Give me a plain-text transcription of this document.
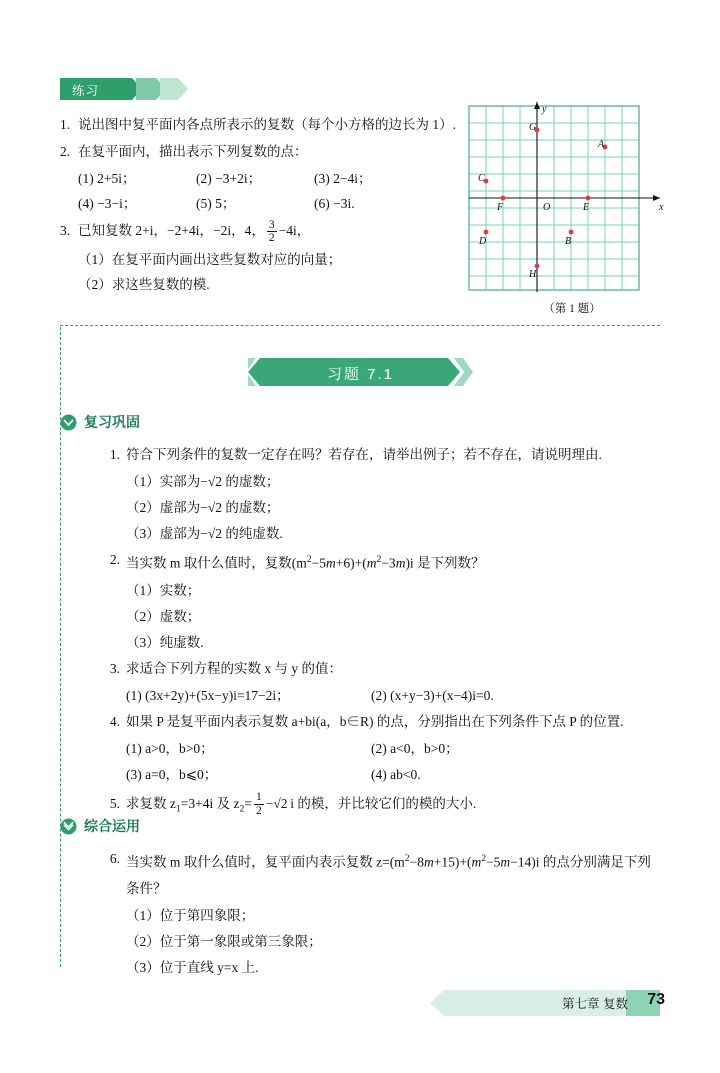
练习
1. 说出图中复平面内各点所表示的复数（每个小方格的边长为 1）.
2. 在复平面内，描出表示下列复数的点：
(1) 2+5i；	(2) −3+2i；	(3) 2−4i；
(4) −3−i；	(5) 5；	(6) −3i.
3. 已知复数 2+i，−2+4i，−2i，4， $\frac{3}{2} -4i$，
（1）在复平面内画出这些复数对应的向量；
（2）求这些复数的模.
G
A
C
F	E
D	B
H
O	x
y
（第 1 题）
习题 7.1
复习巩固
1. 符合下列条件的复数一定存在吗？若存在，请举出例子；若不存在，请说明理由.
（1）实部为−√2 的虚数；
（2）虚部为−√2 的虚数；
（3）虚部为−√2 的纯虚数.
2. 当实数 m 取什么值时，复数$(m^2-5m+6)+(m^2-3m)i$ 是下列数？
（1）实数；
（2）虚数；
（3）纯虚数.
3. 求适合下列方程的实数 x 与 y 的值：
(1) (3x+2y)+(5x−y)i=17−2i；	(2) (x+y−3)+(x−4)i=0.
4. 如果 P 是复平面内表示复数 a+bi(a，b∈R) 的点，分别指出在下列条件下点 P 的位置.
(1) a>0，b>0；	(2) a<0，b>0；
(3) a=0，b⩽0；	(4) ab<0.
5. 求复数 $z_1=3+4i$ 及 $z_2= \frac{1}{2} -√2$ i 的模，并比较它们的模的大小.
综合运用
6. 当实数 m 取什么值时，复平面内表示复数 $z=(m^2-8m+15)+(m^2-5m-14)i$ 的点分别满足下列条件？
（1）位于第四象限；
（2）位于第一象限或第三象限；
（3）位于直线 y=x 上.
第七章 复数 73
